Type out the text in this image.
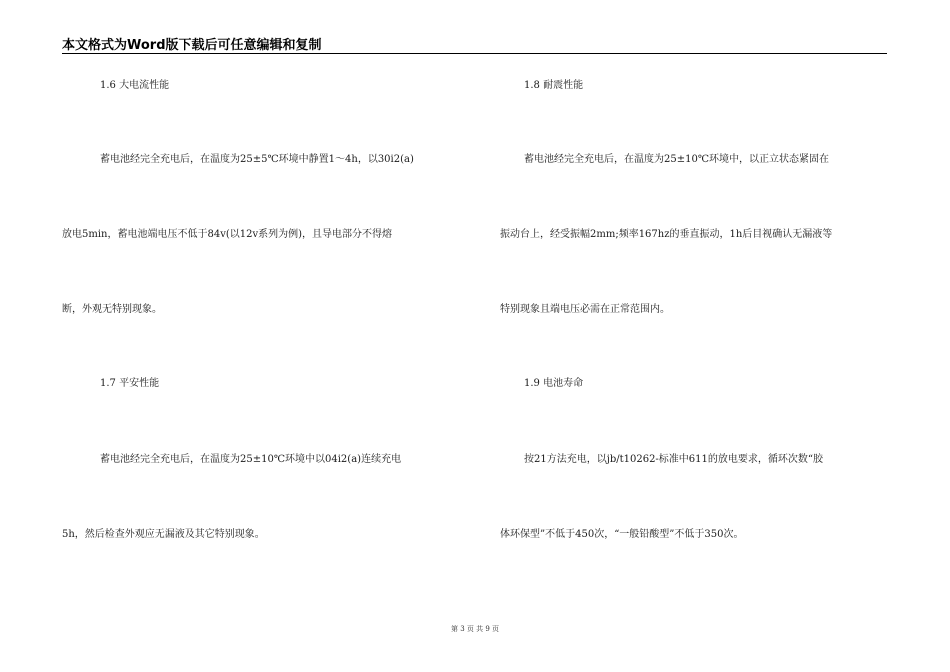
本文格式为Word版下载后可任意编辑和复制
1.6 大电流性能
蓄电池经完全充电后，在温度为25±5℃环境中静置1～4h，以30i2(a)
放电5min，蓄电池端电压不低于84v(以12v系列为例)，且导电部分不得熔
断，外观无特别现象。
1.7 平安性能
蓄电池经完全充电后，在温度为25±10℃环境中以04i2(a)连续充电
5h，然后检查外观应无漏液及其它特别现象。
1.8 耐震性能
蓄电池经完全充电后，在温度为25±10℃环境中，以正立状态紧固在
振动台上，经受振幅2mm;频率167hz的垂直振动，1h后目视确认无漏液等
特别现象且端电压必需在正常范围内。
1.9 电池寿命
按21方法充电，以jb/t10262-标准中611的放电要求，循环次数“胶
体环保型”不低于450次，“一般铅酸型”不低于350次。
第 3 页 共 9 页
